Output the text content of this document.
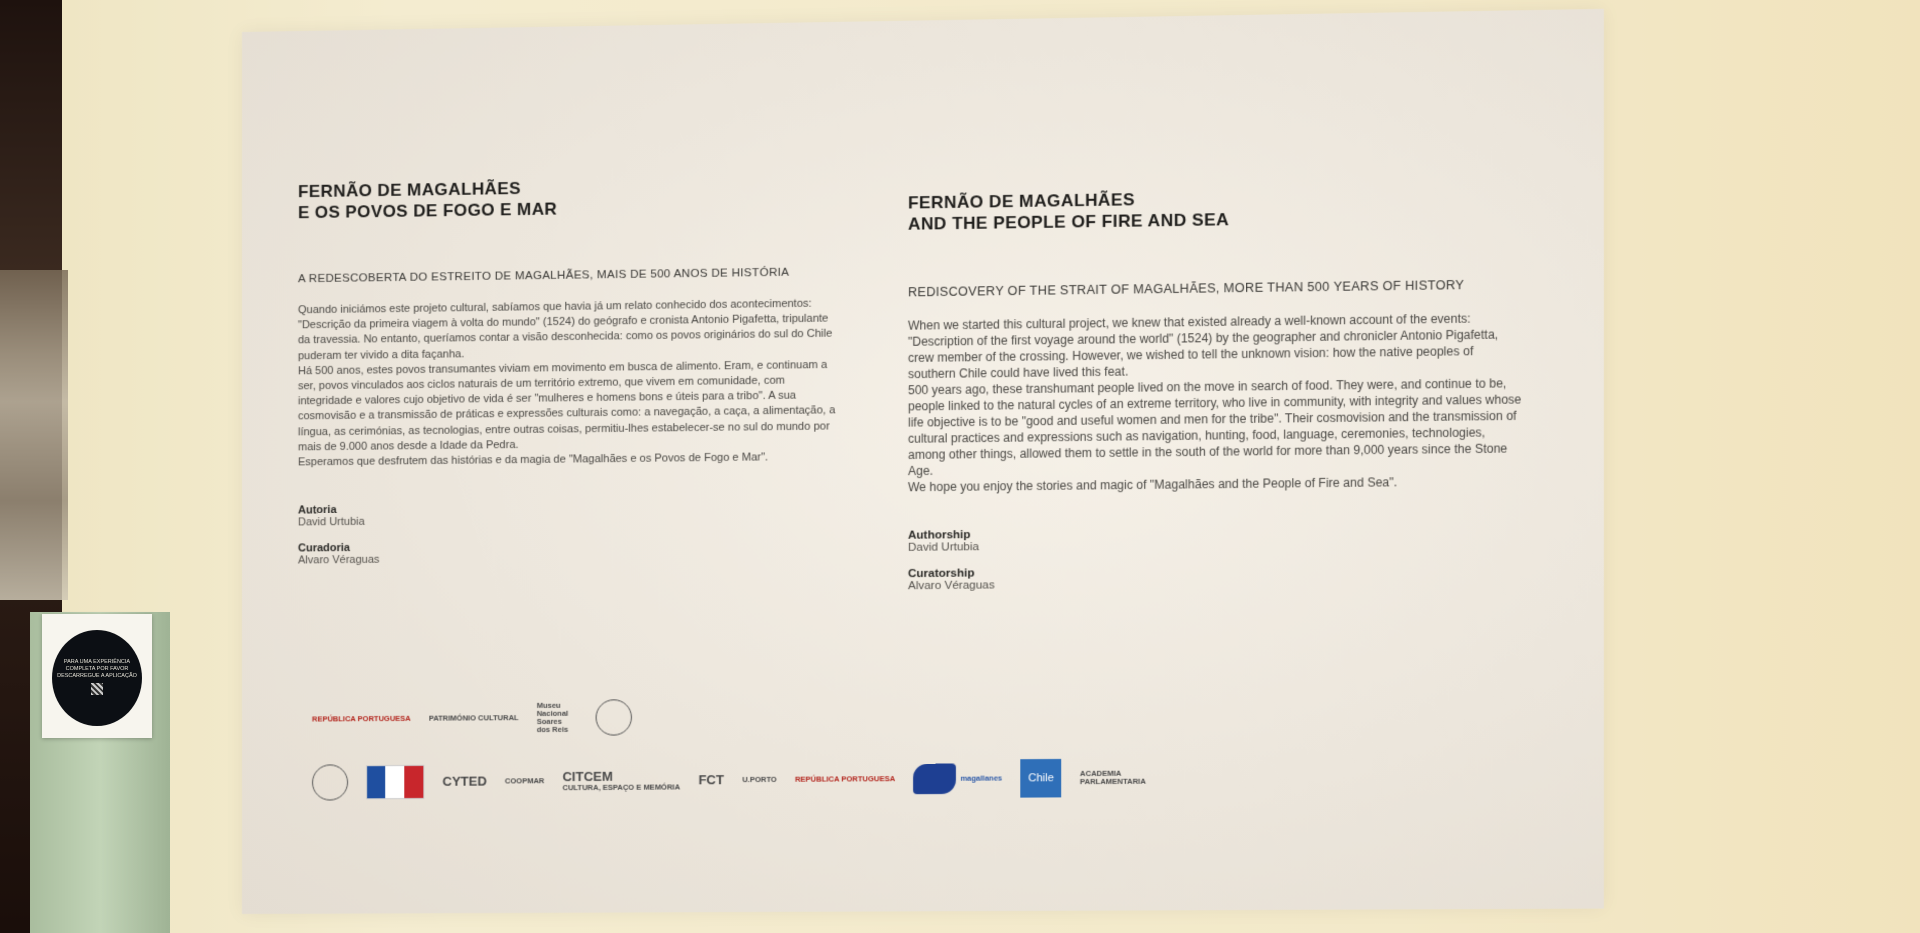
FERNÃO DE MAGALHÃES
E OS POVOS DE FOGO E MAR
A REDESCOBERTA DO ESTREITO DE MAGALHÃES, MAIS DE 500 ANOS DE HISTÓRIA

Quando iniciámos este projeto cultural, sabíamos que havia já um relato conhecido dos acontecimentos: "Descrição da primeira viagem à volta do mundo" (1524) do geógrafo e cronista Antonio Pigafetta, tripulante da travessia. No entanto, queríamos contar a visão desconhecida: como os povos originários do sul do Chile puderam ter vivido a dita façanha.

Há 500 anos, estes povos transumantes viviam em movimento em busca de alimento. Eram, e continuam a ser, povos vinculados aos ciclos naturais de um território extremo, que vivem em comunidade, com integridade e valores cujo objetivo de vida é ser "mulheres e homens bons e úteis para a tribo". A sua cosmovisão e a transmissão de práticas e expressões culturais como: a navegação, a caça, a alimentação, a língua, as cerimónias, as tecnologias, entre outras coisas, permitiu-lhes estabelecer-se no sul do mundo por mais de 9.000 anos desde a Idade da Pedra.

Esperamos que desfrutem das histórias e da magia de "Magalhães e os Povos de Fogo e Mar".

Autoria
David Urtubia
Curadoria
Alvaro Véraguas
FERNÃO DE MAGALHÃES
AND THE PEOPLE OF FIRE AND SEA
REDISCOVERY OF THE STRAIT OF MAGALHÃES, MORE THAN 500 YEARS OF HISTORY

When we started this cultural project, we knew that existed already a well-known account of the events: "Description of the first voyage around the world" (1524) by the geographer and chronicler Antonio Pigafetta, crew member of the crossing. However, we wished to tell the unknown vision: how the native peoples of southern Chile could have lived this feat.

500 years ago, these transhumant people lived on the move in search of food. They were, and continue to be, people linked to the natural cycles of an extreme territory, who live in community, with integrity and values whose life objective is to be "good and useful women and men for the tribe". Their cosmovision and the transmission of cultural practices and expressions such as navigation, hunting, food, language, ceremonies, technologies, among other things, allowed them to settle in the south of the world for more than 9,000 years since the Stone Age.

We hope you enjoy the stories and magic of "Magalhães and the People of Fire and Sea".

Authorship
David Urtubia
Curatorship
Alvaro Véraguas
REPÚBLICA PORTUGUESA PATRIMÓNIO CULTURAL
Museu Nacional Soares dos Reis
CYTED COOPMAR CITCEM
CULTURA, ESPAÇO E MEMÓRIA FCT U.PORTO REPÚBLICA PORTUGUESA	magallanes	Chile	ACADEMIA PARLAMENTARIA
PARA UMA EXPERIÊNCIA
COMPLETA POR FAVOR
DESCARREGUE A APLICAÇÃO
